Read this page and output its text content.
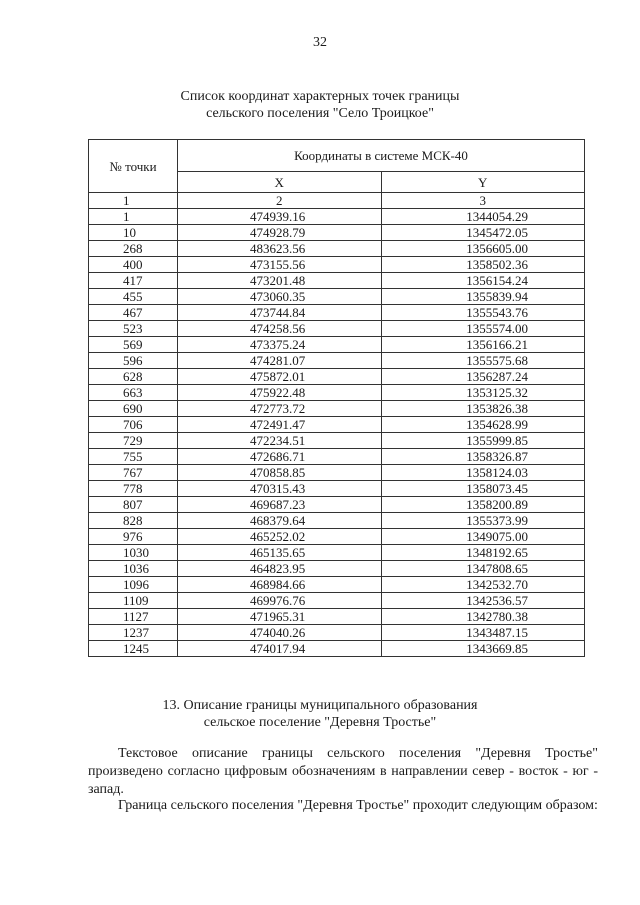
32
Список координат характерных точек границы
сельского поселения "Село Троицкое"
№ точки	Координаты в системе МСК-40	
	X	Y
1	2	3
1	474939.16	1344054.29
10	474928.79	1345472.05
268	483623.56	1356605.00
400	473155.56	1358502.36
417	473201.48	1356154.24
455	473060.35	1355839.94
467	473744.84	1355543.76
523	474258.56	1355574.00
569	473375.24	1356166.21
596	474281.07	1355575.68
628	475872.01	1356287.24
663	475922.48	1353125.32
690	472773.72	1353826.38
706	472491.47	1354628.99
729	472234.51	1355999.85
755	472686.71	1358326.87
767	470858.85	1358124.03
778	470315.43	1358073.45
807	469687.23	1358200.89
828	468379.64	1355373.99
976	465252.02	1349075.00
1030	465135.65	1348192.65
1036	464823.95	1347808.65
1096	468984.66	1342532.70
1109	469976.76	1342536.57
1127	471965.31	1342780.38
1237	474040.26	1343487.15
1245	474017.94	1343669.85
13. Описание границы муниципального образования
сельское поселение "Деревня Тростье"
Текстовое описание границы сельского поселения "Деревня Тростье" произведено согласно цифровым обозначениям в направлении север - восток - юг - запад.
Граница сельского поселения "Деревня Тростье" проходит следующим образом:
